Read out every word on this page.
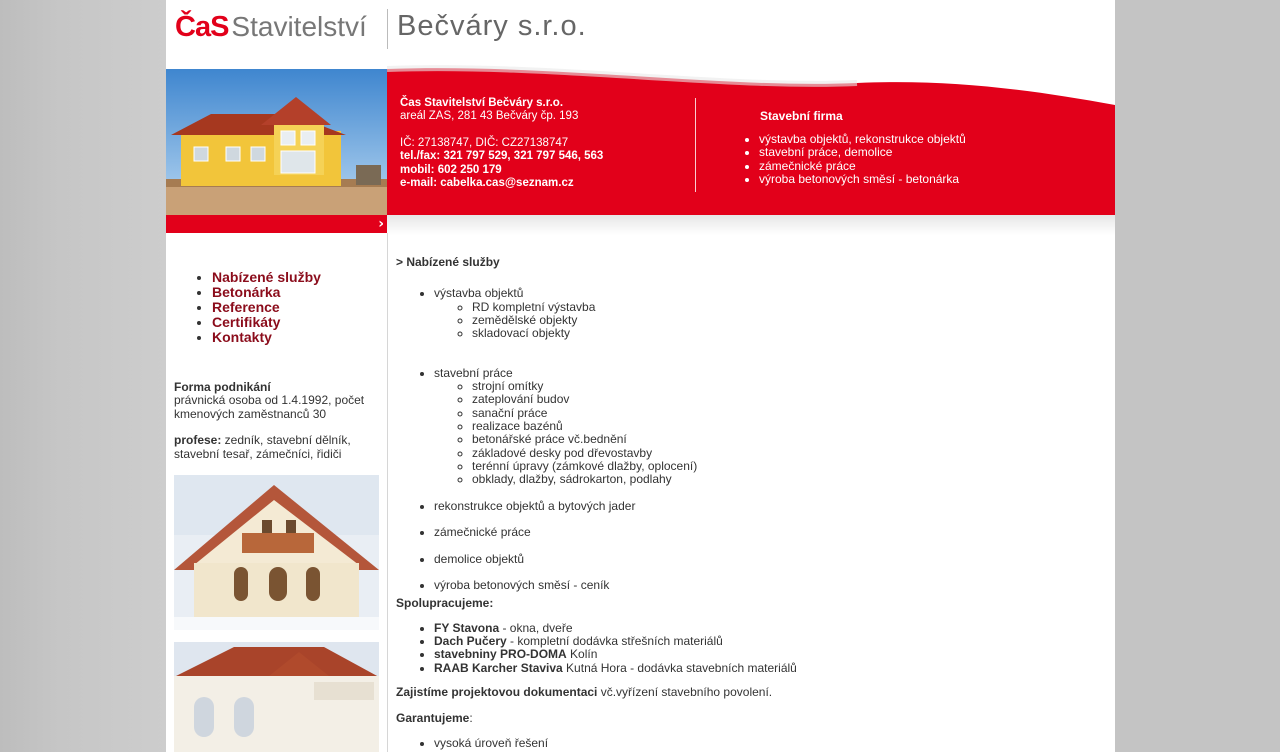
ČaS Stavitelství Bečváry s.r.o.
›
Čas Stavitelství Bečváry s.r.o.
areál ZAS, 281 43 Bečváry čp. 193
IČ: 27138747, DIČ: CZ27138747
tel./fax: 321 797 529, 321 797 546, 563
mobil: 602 250 179
e-mail: cabelka.cas@seznam.cz
Stavební firma
• výstavba objektů, rekonstrukce objektů
• stavební práce, demolice
• zámečnické práce
• výroba betonových směsí - betonárka
• Nabízené služby
• Betonárka
• Reference
• Certifikáty
• Kontakty
Forma podnikání
právnická osoba od 1.4.1992, počet kmenových zaměstnanců 30
profese: zedník, stavební dělník, stavební tesař, zámečníci, řidiči
> Nabízené služby
• výstavba objektů
◦ RD kompletní výstavba
◦ zemědělské objekty
◦ skladovací objekty
• stavební práce
◦ strojní omítky
◦ zateplování budov
◦ sanační práce
◦ realizace bazénů
◦ betonářské práce vč.bednění
◦ základové desky pod dřevostavby
◦ terénní úpravy (zámkové dlažby, oplocení)
◦ obklady, dlažby, sádrokarton, podlahy
• rekonstrukce objektů a bytových jader
• zámečnické práce
• demolice objektů
• výroba betonových směsí - ceník
Spolupracujeme:
• FY Stavona - okna, dveře
• Dach Pučery - kompletní dodávka střešních materiálů
• stavebniny PRO-DOMA Kolín
• RAAB Karcher Staviva Kutná Hora - dodávka stavebních materiálů

Zajistíme projektovou dokumentaci vč.vyřízení stavebního povolení.

Garantujeme:

• vysoká úroveň řešení
